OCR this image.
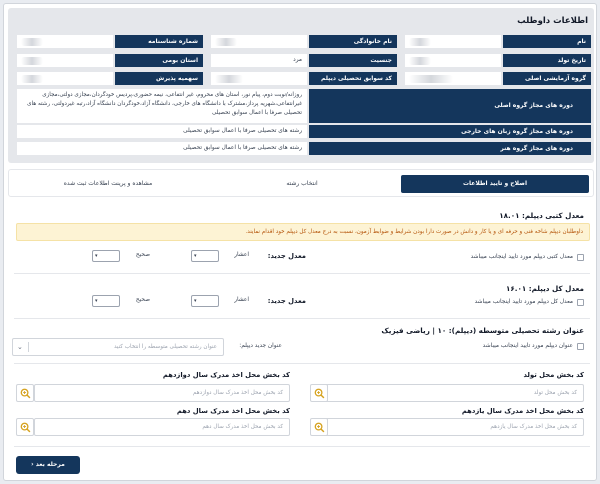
اطلاعات داوطلب
نام
نام خانوادگی
شماره شناسنامه
تاریخ تولد
جنسیت
مرد
استان بومی
گروه آزمایشی اصلی
کد سوابق تحصیلی دیپلم
سهمیه پذیرش
دوره های مجاز گروه اصلی
روزانه/نوبت دوم، پیام نور، استان های محروم، غیر انتفاعی، نیمه حضوری،پردیس خودگردان،مجازی دولتی،مجازی غیرانتفاعی،شهریه پرداز،مشترک با دانشگاه های خارجی، دانشگاه آزاد،خودگردان دانشگاه آزاد،رتبه غیردولتی، رشته های تحصیلی صرفا با اعمال سوابق تحصیلی
دوره های مجاز گروه زبان های خارجی
رشته های تحصیلی صرفا با اعمال سوابق تحصیلی
دوره های مجاز گروه هنر
رشته های تحصیلی صرفا با اعمال سوابق تحصیلی
اصلاح و تایید اطلاعات
انتخاب رشته
مشاهده و پرینت اطلاعات ثبت شده
معدل کتبی دیپلم: ۱۸.۰۱
داوطلبان دیپلم شاخه فنی و حرفه ای و یا کار و دانش در صورت دارا بودن شرایط و ضوابط آزمون، نسبت به درج معدل کل دیپلم خود اقدام نمایند.
معدل کتبی دیپلم مورد تایید اینجانب میباشد
معدل جدید:
اعشار
▾
صحیح
▾
معدل کل دیپلم: ۱۶.۰۱
معدل کل دیپلم مورد تایید اینجانب میباشد
معدل جدید:
اعشار
▾
صحیح
▾
عنوان رشته تحصیلی متوسطه (دیپلم): ۱۰ | ریاضی فیزیک
عنوان دیپلم مورد تایید اینجانب میباشد
عنوان جدید دیپلم:
عنوان رشته تحصیلی متوسطه را انتخاب کنید
⌄
کد بخش محل تولد
کد بخش محل تولد
کد بخش محل اخذ مدرک سال دوازدهم
کد بخش محل اخذ مدرک سال دوازدهم
کد بخش محل اخذ مدرک سال یازدهم
کد بخش محل اخذ مدرک سال یازدهم
کد بخش محل اخذ مدرک سال دهم
کد بخش محل اخذ مدرک سال دهم
مرحله بعد ‹
